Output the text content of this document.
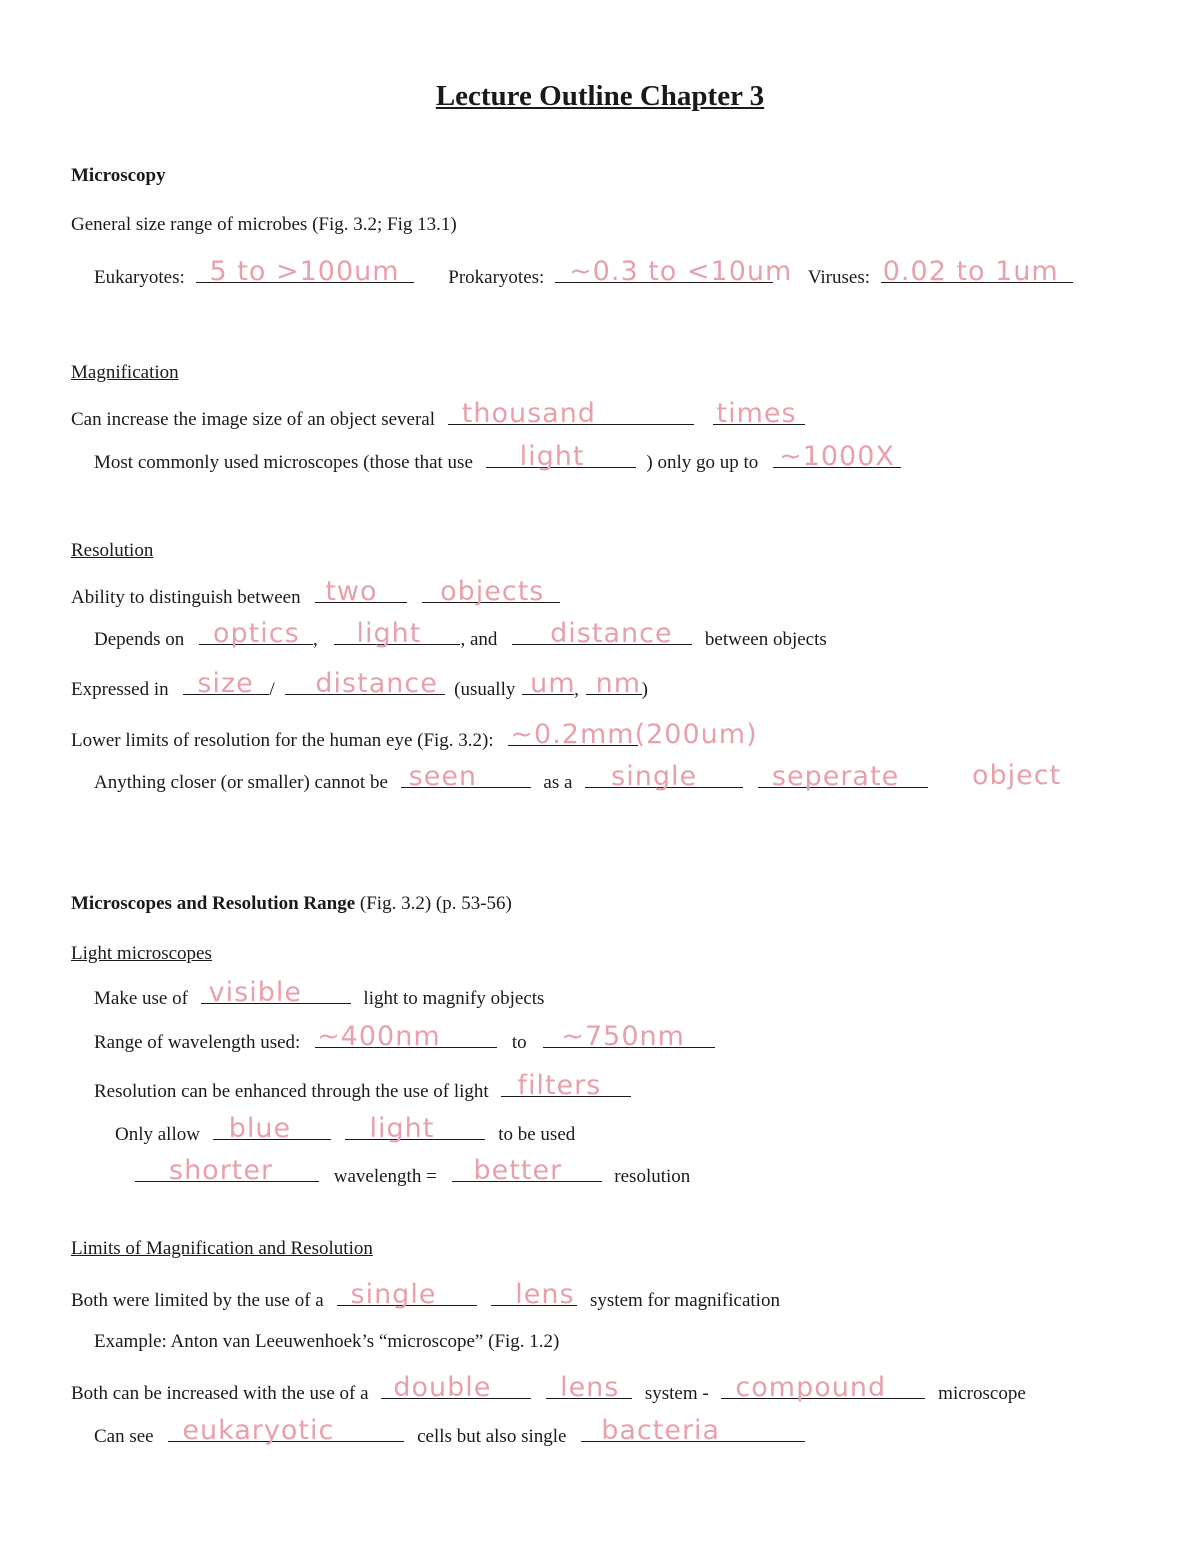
Lecture Outline Chapter 3
Microscopy
General size range of microbes (Fig. 3.2; Fig 13.1)
Eukaryotes: 5 to >100um	Prokaryotes: ~0.3 to <10um Viruses: 0.02 to 1um
Magnification
Can increase the image size of an object several thousand
	times
Most commonly used microscopes (those that use light	) only go up to ~1000X
Resolution
Ability to distinguish between two
objects
Depends on optics , light , and distance between objects
Expressed in size / distance (usually um
, nm )
Lower limits of resolution for the human eye (Fig. 3.2): ~0.2mm(200um)
Anything closer (or smaller) cannot be seen	as a single
	seperate	object
Microscopes and Resolution Range (Fig. 3.2) (p. 53-56)
Light microscopes
Make use of visible	light to magnify objects
Range of wavelength used: ~400nm	to ~750nm
Resolution can be enhanced through the use of light filters
Only allow blue
	light	to be used
shorter	wavelength = better	resolution
Limits of Magnification and Resolution
Both were limited by the use of a single
	lens system for magnification
Example: Anton van Leeuwenhoek’s “microscope” (Fig. 1.2)
Both can be increased with the use of a double
	lens system - compound	microscope
Can see eukaryotic	cells but also single bacteria
